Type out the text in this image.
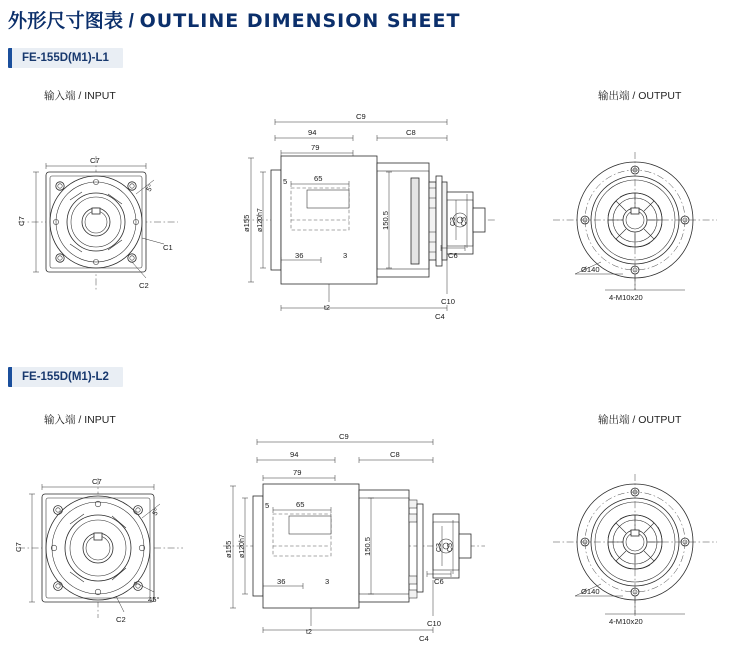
外形尺寸图表 / OUTLINE DIMENSION SHEET
FE-155D(M1)-L1
输入端 / INPUT	输出端 / OUTPUT
C7
C7
5°
C1
C2
C9
C8
94
79
65
5
36	3
ø155 ø120h7	150.5	C3 C5
C6
C10
C4
t2
Ø140
4-M10x20
FE-155D(M1)-L2
输入端 / INPUT	输出端 / OUTPUT
C7
C7
5°
45°
C2
C9
C8
94
79
65
5
36	3
ø155 ø120h7	150.5	C3 C5
C6
C10
C4
t2
Ø140
4-M10x20
